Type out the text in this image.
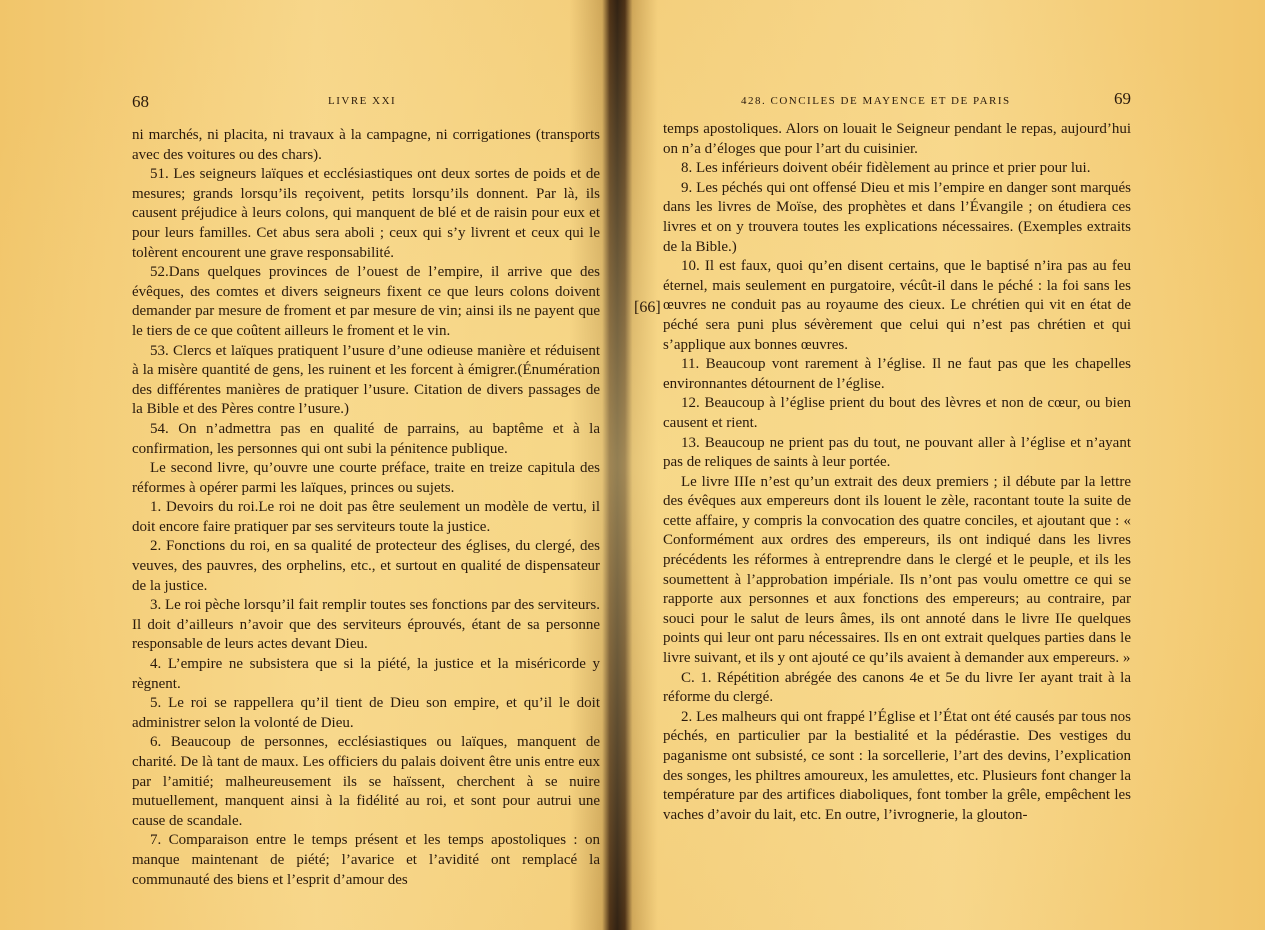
68	LIVRE XXI

ni marchés, ni placita, ni travaux à la campagne, ni corrigationes (transports avec des voitures ou des chars).

51. Les seigneurs laïques et ecclésiastiques ont deux sortes de poids et de mesures; grands lorsqu’ils reçoivent, petits lorsqu’ils donnent. Par là, ils causent préjudice à leurs colons, qui manquent de blé et de raisin pour eux et pour leurs familles. Cet abus sera aboli ; ceux qui s’y livrent et ceux qui le tolèrent encourent une grave responsabilité.

52.Dans quelques provinces de l’ouest de l’empire, il arrive que des évêques, des comtes et divers seigneurs fixent ce que leurs colons doivent demander par mesure de froment et par mesure de vin; ainsi ils ne payent que le tiers de ce que coûtent ailleurs le froment et le vin.

53. Clercs et laïques pratiquent l’usure d’une odieuse manière et réduisent à la misère quantité de gens, les ruinent et les forcent à émigrer.(Énumération des différentes manières de pratiquer l’usure. Citation de divers passages de la Bible et des Pères contre l’usure.)

54. On n’admettra pas en qualité de parrains, au baptême et à la confirmation, les personnes qui ont subi la pénitence publique.

Le second livre, qu’ouvre une courte préface, traite en treize capitula des réformes à opérer parmi les laïques, princes ou sujets.

1. Devoirs du roi.Le roi ne doit pas être seulement un modèle de vertu, il doit encore faire pratiquer par ses serviteurs toute la justice.

2. Fonctions du roi, en sa qualité de protecteur des églises, du clergé, des veuves, des pauvres, des orphelins, etc., et surtout en qualité de dispensateur de la justice.

3. Le roi pèche lorsqu’il fait remplir toutes ses fonctions par des serviteurs. Il doit d’ailleurs n’avoir que des serviteurs éprouvés, étant de sa personne responsable de leurs actes devant Dieu.

4. L’empire ne subsistera que si la piété, la justice et la miséricorde y règnent.

5. Le roi se rappellera qu’il tient de Dieu son empire, et qu’il le doit administrer selon la volonté de Dieu.

6. Beaucoup de personnes, ecclésiastiques ou laïques, manquent de charité. De là tant de maux. Les officiers du palais doivent être unis entre eux par l’amitié; malheureusement ils se haïssent, cherchent à se nuire mutuellement, manquent ainsi à la fidélité au roi, et sont pour autrui une cause de scandale.

7. Comparaison entre le temps présent et les temps apostoliques : on manque maintenant de piété; l’avarice et l’avidité ont remplacé la communauté des biens et l’esprit d’amour des

428. CONCILES DE MAYENCE ET DE PARIS	69
[66]

temps apostoliques. Alors on louait le Seigneur pendant le repas, aujourd’hui on n’a d’éloges que pour l’art du cuisinier.

8. Les inférieurs doivent obéir fidèlement au prince et prier pour lui.

9. Les péchés qui ont offensé Dieu et mis l’empire en danger sont marqués dans les livres de Moïse, des prophètes et dans l’Évangile ; on étudiera ces livres et on y trouvera toutes les explications nécessaires. (Exemples extraits de la Bible.)

10. Il est faux, quoi qu’en disent certains, que le baptisé n’ira pas au feu éternel, mais seulement en purgatoire, vécût-il dans le péché : la foi sans les œuvres ne conduit pas au royaume des cieux. Le chrétien qui vit en état de péché sera puni plus sévèrement que celui qui n’est pas chrétien et qui s’applique aux bonnes œuvres.

11. Beaucoup vont rarement à l’église. Il ne faut pas que les chapelles environnantes détournent de l’église.

12. Beaucoup à l’église prient du bout des lèvres et non de cœur, ou bien causent et rient.

13. Beaucoup ne prient pas du tout, ne pouvant aller à l’église et n’ayant pas de reliques de saints à leur portée.

Le livre IIIe n’est qu’un extrait des deux premiers ; il débute par la lettre des évêques aux empereurs dont ils louent le zèle, racontant toute la suite de cette affaire, y compris la convocation des quatre conciles, et ajoutant que : « Conformément aux ordres des empereurs, ils ont indiqué dans les livres précédents les réformes à entreprendre dans le clergé et le peuple, et ils les soumettent à l’approbation impériale. Ils n’ont pas voulu omettre ce qui se rapporte aux personnes et aux fonctions des empereurs; au contraire, par souci pour le salut de leurs âmes, ils ont annoté dans le livre IIe quelques points qui leur ont paru nécessaires. Ils en ont extrait quelques parties dans le livre suivant, et ils y ont ajouté ce qu’ils avaient à demander aux empereurs. »

C. 1. Répétition abrégée des canons 4e et 5e du livre Ier ayant trait à la réforme du clergé.

2. Les malheurs qui ont frappé l’Église et l’État ont été causés par tous nos péchés, en particulier par la bestialité et la pédérastie. Des vestiges du paganisme ont subsisté, ce sont : la sorcellerie, l’art des devins, l’explication des songes, les philtres amoureux, les amulettes, etc. Plusieurs font changer la température par des artifices diaboliques, font tomber la grêle, empêchent les vaches d’avoir du lait, etc. En outre, l’ivrognerie, la glouton-
